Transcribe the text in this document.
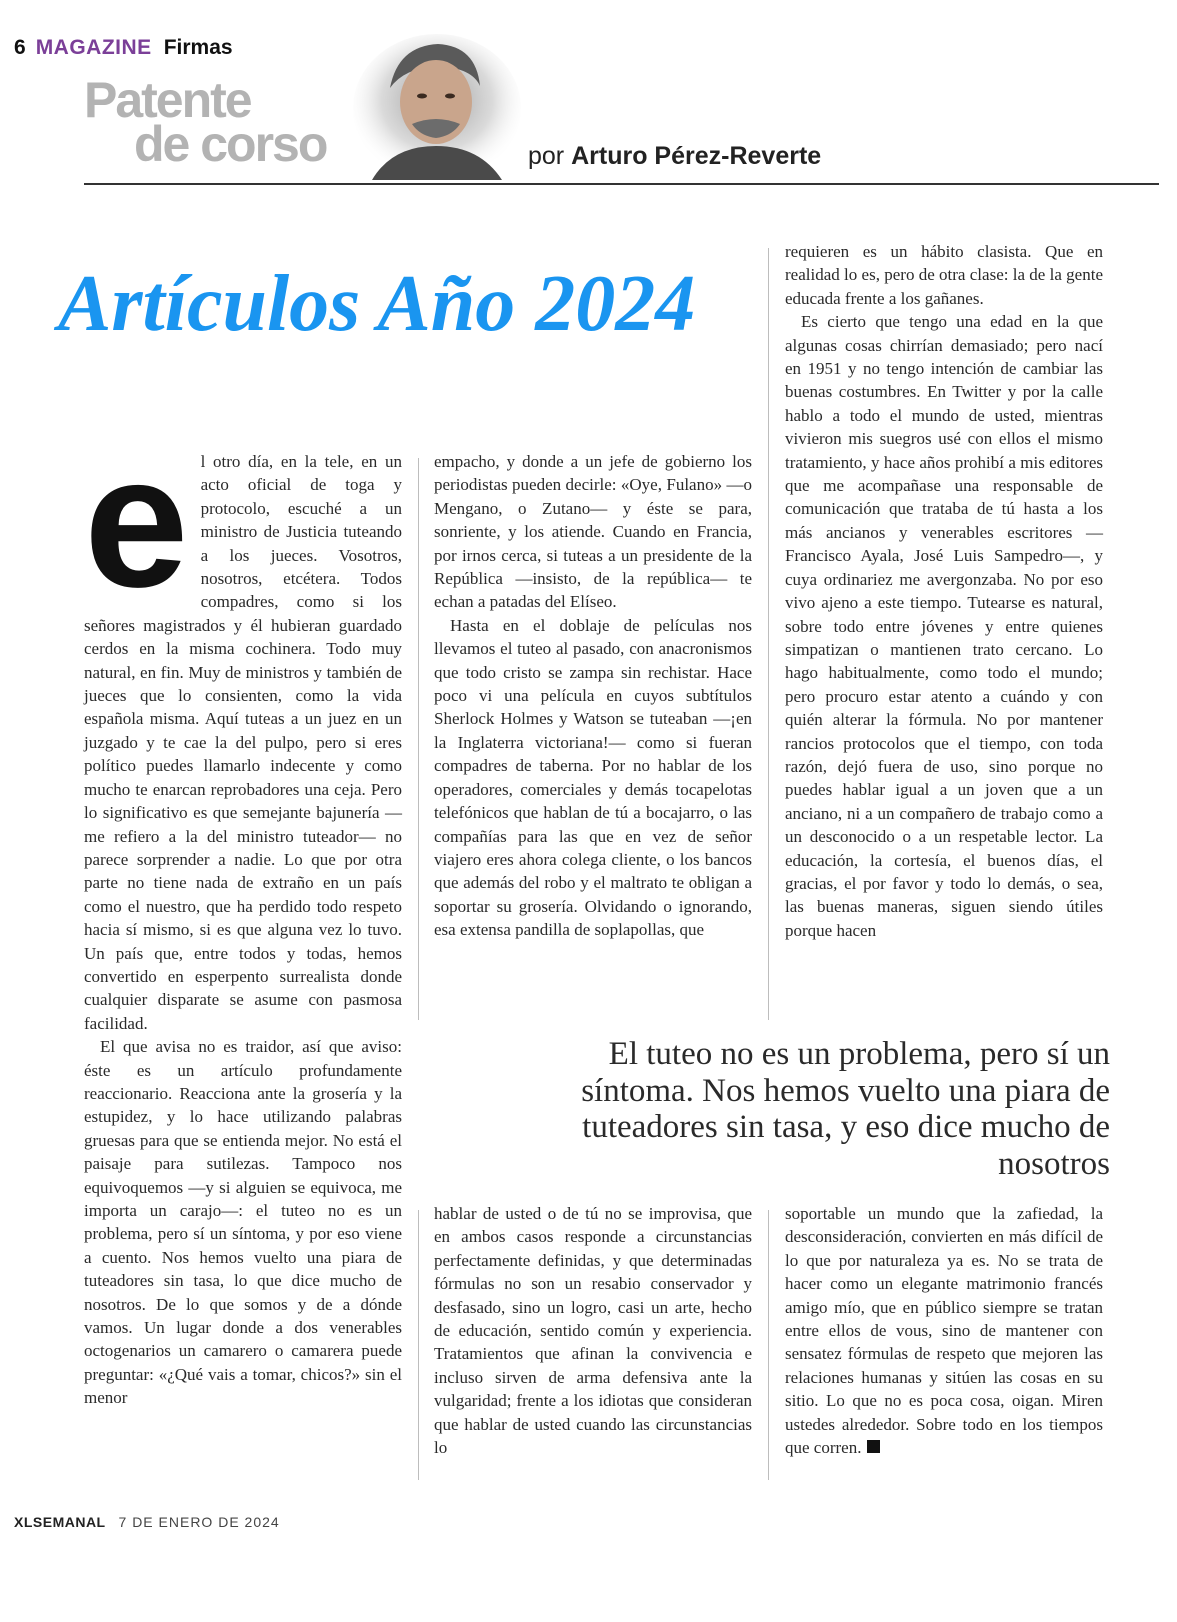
6 MAGAZINE Firmas
Patente
de corso	por Arturo Pérez-Reverte
Artículos Año 2024

el otro día, en la tele, en un acto oficial de toga y protocolo, escuché a un ministro de Justicia tuteando a los jueces. Vosotros, nosotros, etcétera. Todos compadres, como si los señores magistrados y él hubieran guardado cerdos en la misma cochinera. Todo muy natural, en fin. Muy de ministros y también de jueces que lo consienten, como la vida española misma. Aquí tuteas a un juez en un juzgado y te cae la del pulpo, pero si eres político puedes llamarlo indecente y como mucho te enarcan reprobadores una ceja. Pero lo significativo es que semejante bajunería —me refiero a la del ministro tuteador— no parece sorprender a nadie. Lo que por otra parte no tiene nada de extraño en un país como el nuestro, que ha perdido todo respeto hacia sí mismo, si es que alguna vez lo tuvo. Un país que, entre todos y todas, hemos convertido en esperpento surrealista donde cualquier disparate se asume con pasmosa facilidad.

El que avisa no es traidor, así que aviso: éste es un artículo profundamente reaccionario. Reacciona ante la grosería y la estupidez, y lo hace utilizando palabras gruesas para que se entienda mejor. No está el paisaje para sutilezas. Tampoco nos equivoquemos —y si alguien se equivoca, me importa un carajo—: el tuteo no es un problema, pero sí un síntoma, y por eso viene a cuento. Nos hemos vuelto una piara de tuteadores sin tasa, lo que dice mucho de nosotros. De lo que somos y de a dónde vamos. Un lugar donde a dos venerables octogenarios un camarero o camarera puede preguntar: «¿Qué vais a tomar, chicos?» sin el menor

empacho, y donde a un jefe de gobierno los periodistas pueden decirle: «Oye, Fulano» —o Mengano, o Zutano— y éste se para, sonriente, y los atiende. Cuando en Francia, por irnos cerca, si tuteas a un presidente de la República —insisto, de la república— te echan a patadas del Elíseo.

Hasta en el doblaje de películas nos llevamos el tuteo al pasado, con anacronismos que todo cristo se zampa sin rechistar. Hace poco vi una película en cuyos subtítulos Sherlock Holmes y Watson se tuteaban —¡en la Inglaterra victoriana!— como si fueran compadres de taberna. Por no hablar de los operadores, comerciales y demás tocapelotas telefónicos que hablan de tú a bocajarro, o las compañías para las que en vez de señor viajero eres ahora colega cliente, o los bancos que además del robo y el maltrato te obligan a soportar su grosería. Olvidando o ignorando, esa extensa pandilla de soplapollas, que

requieren es un hábito clasista. Que en realidad lo es, pero de otra clase: la de la gente educada frente a los gañanes.

Es cierto que tengo una edad en la que algunas cosas chirrían demasiado; pero nací en 1951 y no tengo intención de cambiar las buenas costumbres. En Twitter y por la calle hablo a todo el mundo de usted, mientras vivieron mis suegros usé con ellos el mismo tratamiento, y hace años prohibí a mis editores que me acompañase una responsable de comunicación que trataba de tú hasta a los más ancianos y venerables escritores —Francisco Ayala, José Luis Sampedro—, y cuya ordinariez me avergonzaba. No por eso vivo ajeno a este tiempo. Tutearse es natural, sobre todo entre jóvenes y entre quienes simpatizan o mantienen trato cercano. Lo hago habitualmente, como todo el mundo; pero procuro estar atento a cuándo y con quién alterar la fórmula. No por mantener rancios protocolos que el tiempo, con toda razón, dejó fuera de uso, sino porque no puedes hablar igual a un joven que a un anciano, ni a un compañero de trabajo como a un desconocido o a un respetable lector. La educación, la cortesía, el buenos días, el gracias, el por favor y todo lo demás, o sea, las buenas maneras, siguen siendo útiles porque hacen

El tuteo no es un problema, pero sí un síntoma. Nos hemos vuelto una piara de tuteadores sin tasa, y eso dice mucho de nosotros

hablar de usted o de tú no se improvisa, que en ambos casos responde a circunstancias perfectamente definidas, y que determinadas fórmulas no son un resabio conservador y desfasado, sino un logro, casi un arte, hecho de educación, sentido común y experiencia. Tratamientos que afinan la convivencia e incluso sirven de arma defensiva ante la vulgaridad; frente a los idiotas que consideran que hablar de usted cuando las circunstancias lo

soportable un mundo que la zafiedad, la desconsideración, convierten en más difícil de lo que por naturaleza ya es. No se trata de hacer como un elegante matrimonio francés amigo mío, que en público siempre se tratan entre ellos de vous, sino de mantener con sensatez fórmulas de respeto que mejoren las relaciones humanas y sitúen las cosas en su sitio. Lo que no es poca cosa, oigan. Miren ustedes alrededor. Sobre todo en los tiempos que corren.

XLSEMANAL 7 DE ENERO DE 2024
